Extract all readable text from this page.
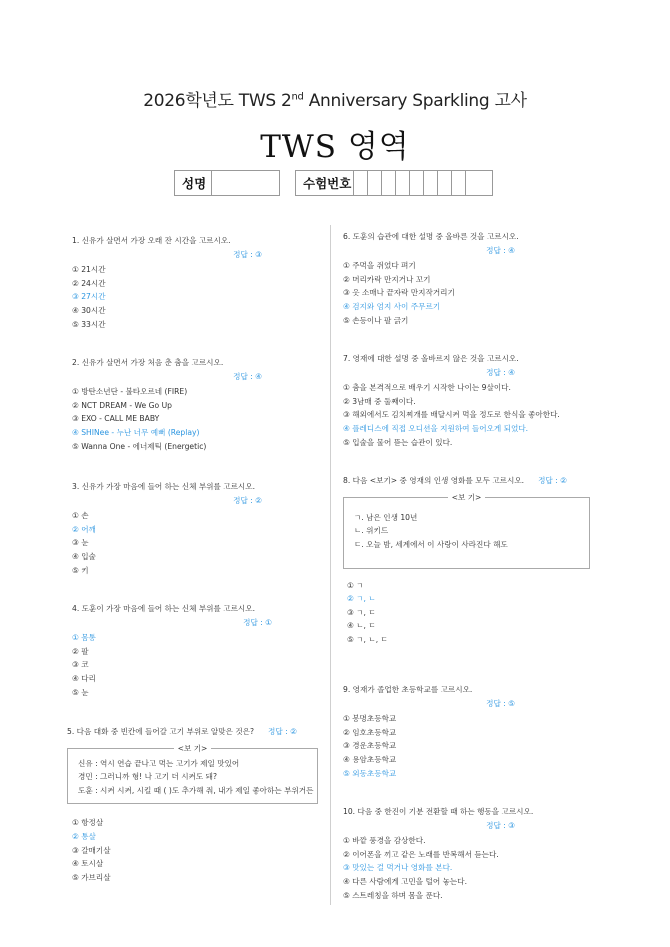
2026학년도 TWS 2nd Anniversary Sparkling 고사
TWS 영역
성명	수험번호
1. 신유가 살면서 가장 오래 잔 시간을 고르시오.
정답 : ③
① 21시간
② 24시간
③ 27시간
④ 30시간
⑤ 33시간
2. 신유가 살면서 가장 처음 춘 춤을 고르시오.
정답 : ④
① 방탄소년단 - 불타오르네 (FIRE)
② NCT DREAM - We Go Up
③ EXO - CALL ME BABY
④ SHINee - 누난 너무 예뻐 (Replay)
⑤ Wanna One - 에너제틱 (Energetic)
3. 신유가 가장 마음에 들어 하는 신체 부위를 고르시오.
정답 : ②
① 손
② 어깨
③ 눈
④ 입술
⑤ 키
4. 도훈이 가장 마음에 들어 하는 신체 부위를 고르시오.
정답 : ①
① 몸통
② 팔
③ 코
④ 다리
⑤ 눈
5. 다음 대화 중 빈칸에 들어갈 고기 부위로 알맞은 것은? 정답 : ②
<보 기>
신유 : 역시 연습 끝나고 먹는 고기가 제일 맛있어
경민 : 그러니까 형! 나 고기 더 시켜도 돼?
도훈 : 시켜 시켜, 시킬 때 ( )도 추가해 줘, 내가 제일 좋아하는 부위거든
① 항정살
② 통살
③ 갈매기살
④ 토시살
⑤ 가브리살
6. 도훈의 습관에 대한 설명 중 올바른 것을 고르시오.
정답 : ④
① 주먹을 쥐었다 펴기
② 머리카락 만지거나 꼬기
③ 옷 소매나 끝자락 만지작거리기
④ 검지와 엄지 사이 주무르기
⑤ 손등이나 팔 긁기
7. 영재에 대한 설명 중 올바르지 않은 것을 고르시오.
정답 : ④
① 춤을 본격적으로 배우기 시작한 나이는 9살이다.
② 3남매 중 둘째이다.
③ 해외에서도 김치찌개를 배달시켜 먹을 정도로 한식을 좋아한다.
④ 플레디스에 직접 오디션을 지원하여 들어오게 되었다.
⑤ 입술을 물어 뜯는 습관이 있다.
8. 다음 <보기> 중 영재의 인생 영화를 모두 고르시오. 정답 : ②
<보 기>
ㄱ. 남은 인생 10년
ㄴ. 위키드
ㄷ. 오늘 밤, 세계에서 이 사랑이 사라진다 해도
① ㄱ
② ㄱ, ㄴ
③ ㄱ, ㄷ
④ ㄴ, ㄷ
⑤ ㄱ, ㄴ, ㄷ
9. 영재가 졸업한 초등학교를 고르시오.
정답 : ⑤
① 봉명초등학교
② 임호초등학교
③ 경운초등학교
④ 용암초등학교
⑤ 외동초등학교
10. 다음 중 한진이 기분 전환할 때 하는 행동을 고르시오.
정답 : ③
① 바깥 풍경을 감상한다.
② 이어폰을 끼고 같은 노래를 반복해서 듣는다.
③ 맛있는 걸 먹거나 영화를 본다.
④ 다른 사람에게 고민을 털어 놓는다.
⑤ 스트레칭을 하며 몸을 푼다.
